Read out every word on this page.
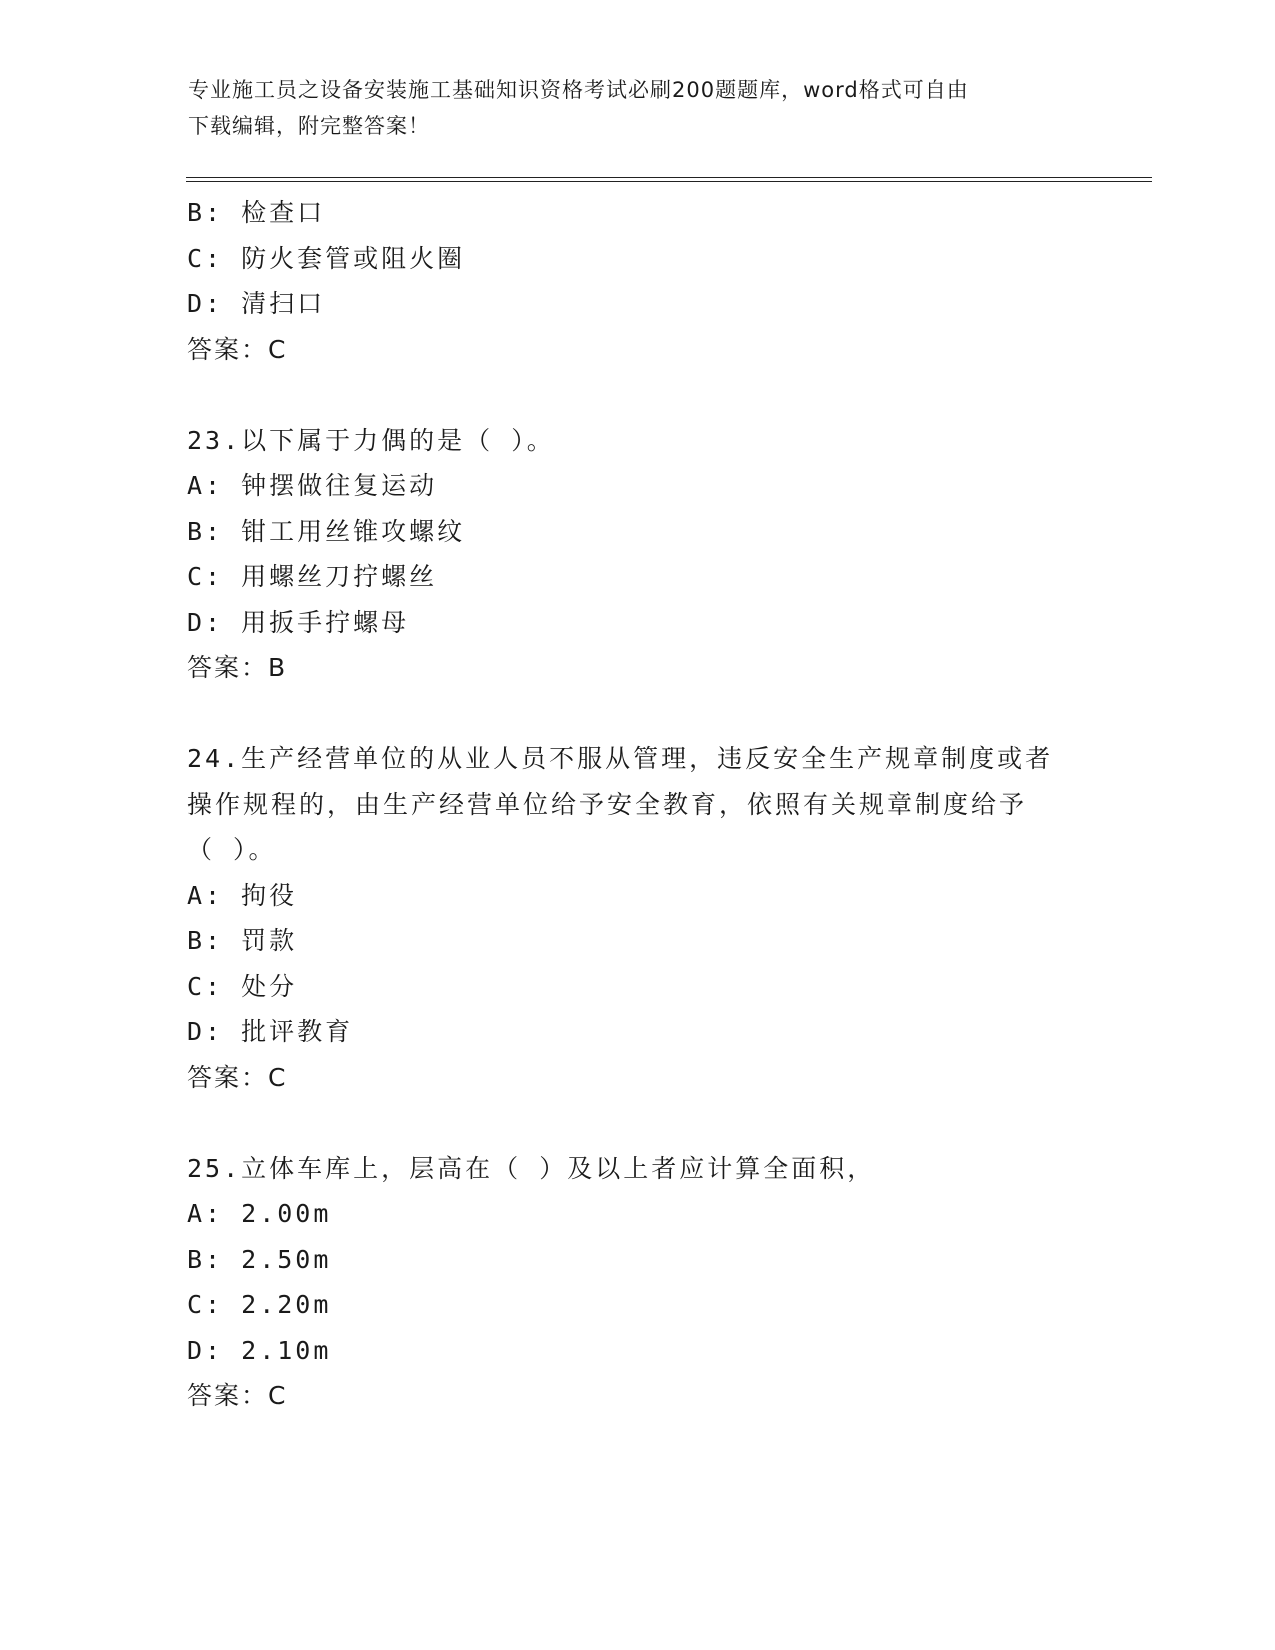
专业施工员之设备安装施工基础知识资格考试必刷200题题库，word格式可自由
下载编辑，附完整答案！
B: 检查口
C: 防火套管或阻火圈
D: 清扫口
答案：C
23.以下属于力偶的是（ ）。
A: 钟摆做往复运动
B: 钳工用丝锥攻螺纹
C: 用螺丝刀拧螺丝
D: 用扳手拧螺母
答案：B
24.生产经营单位的从业人员不服从管理，违反安全生产规章制度或者
操作规程的，由生产经营单位给予安全教育，依照有关规章制度给予
（ ）。
A: 拘役
B: 罚款
C: 处分
D: 批评教育
答案：C
25.立体车库上，层高在（ ）及以上者应计算全面积，
A: 2.00m
B: 2.50m
C: 2.20m
D: 2.10m
答案：C
